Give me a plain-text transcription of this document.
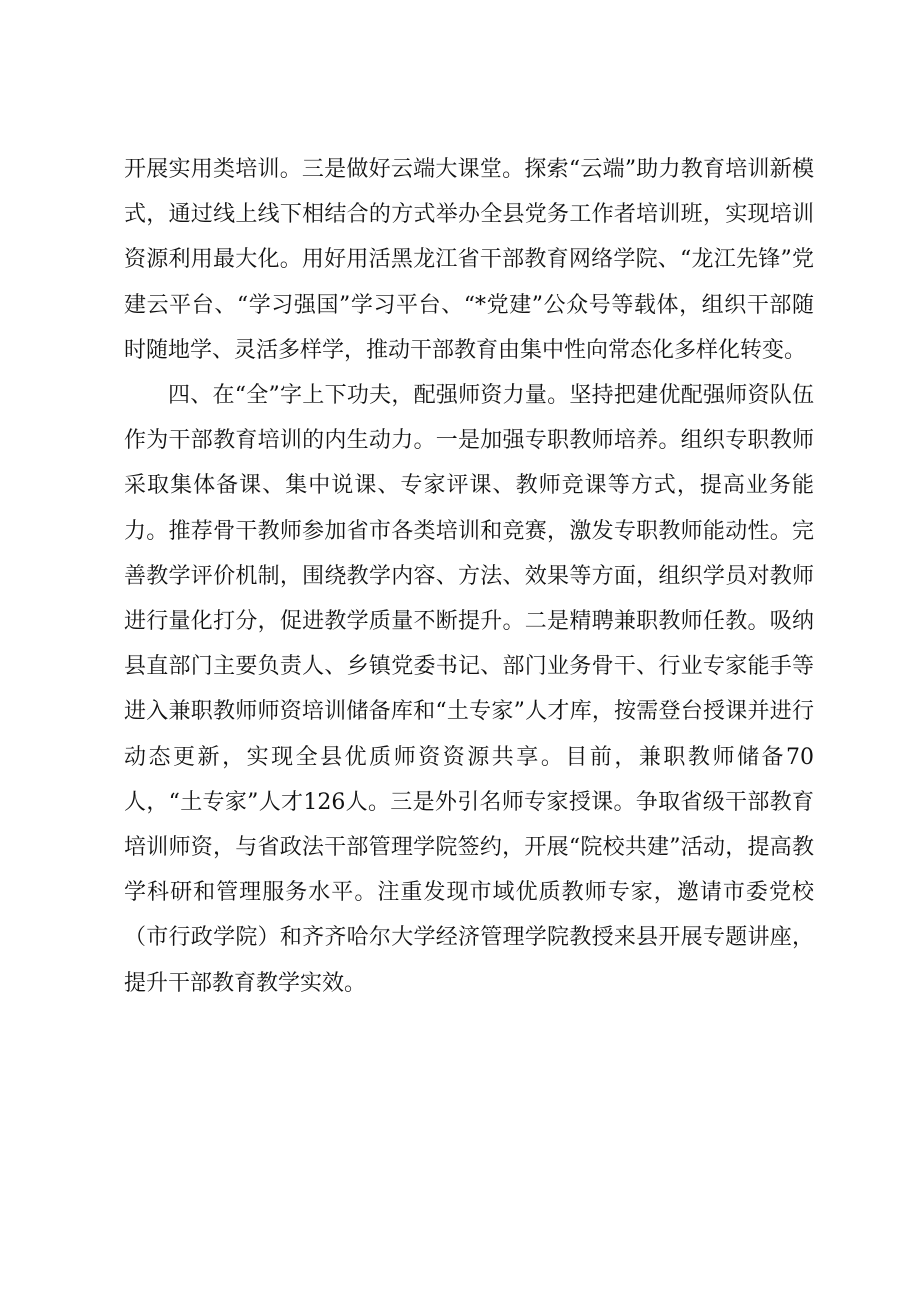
开展实用类培训。三是做好云端大课堂。探索“云端”助力教育培训新模式，通过线上线下相结合的方式举办全县党务工作者培训班，实现培训资源利用最大化。用好用活黑龙江省干部教育网络学院、“龙江先锋”党建云平台、“学习强国”学习平台、“*党建”公众号等载体，组织干部随时随地学、灵活多样学，推动干部教育由集中性向常态化多样化转变。

四、在“全”字上下功夫，配强师资力量。坚持把建优配强师资队伍作为干部教育培训的内生动力。一是加强专职教师培养。组织专职教师采取集体备课、集中说课、专家评课、教师竞课等方式，提高业务能力。推荐骨干教师参加省市各类培训和竞赛，激发专职教师能动性。完善教学评价机制，围绕教学内容、方法、效果等方面，组织学员对教师进行量化打分，促进教学质量不断提升。二是精聘兼职教师任教。吸纳县直部门主要负责人、乡镇党委书记、部门业务骨干、行业专家能手等进入兼职教师师资培训储备库和“土专家”人才库，按需登台授课并进行动态更新，实现全县优质师资资源共享。目前，兼职教师储备70人，“土专家”人才126人。三是外引名师专家授课。争取省级干部教育培训师资，与省政法干部管理学院签约，开展“院校共建”活动，提高教学科研和管理服务水平。注重发现市域优质教师专家，邀请市委党校（市行政学院）和齐齐哈尔大学经济管理学院教授来县开展专题讲座，提升干部教育教学实效。
